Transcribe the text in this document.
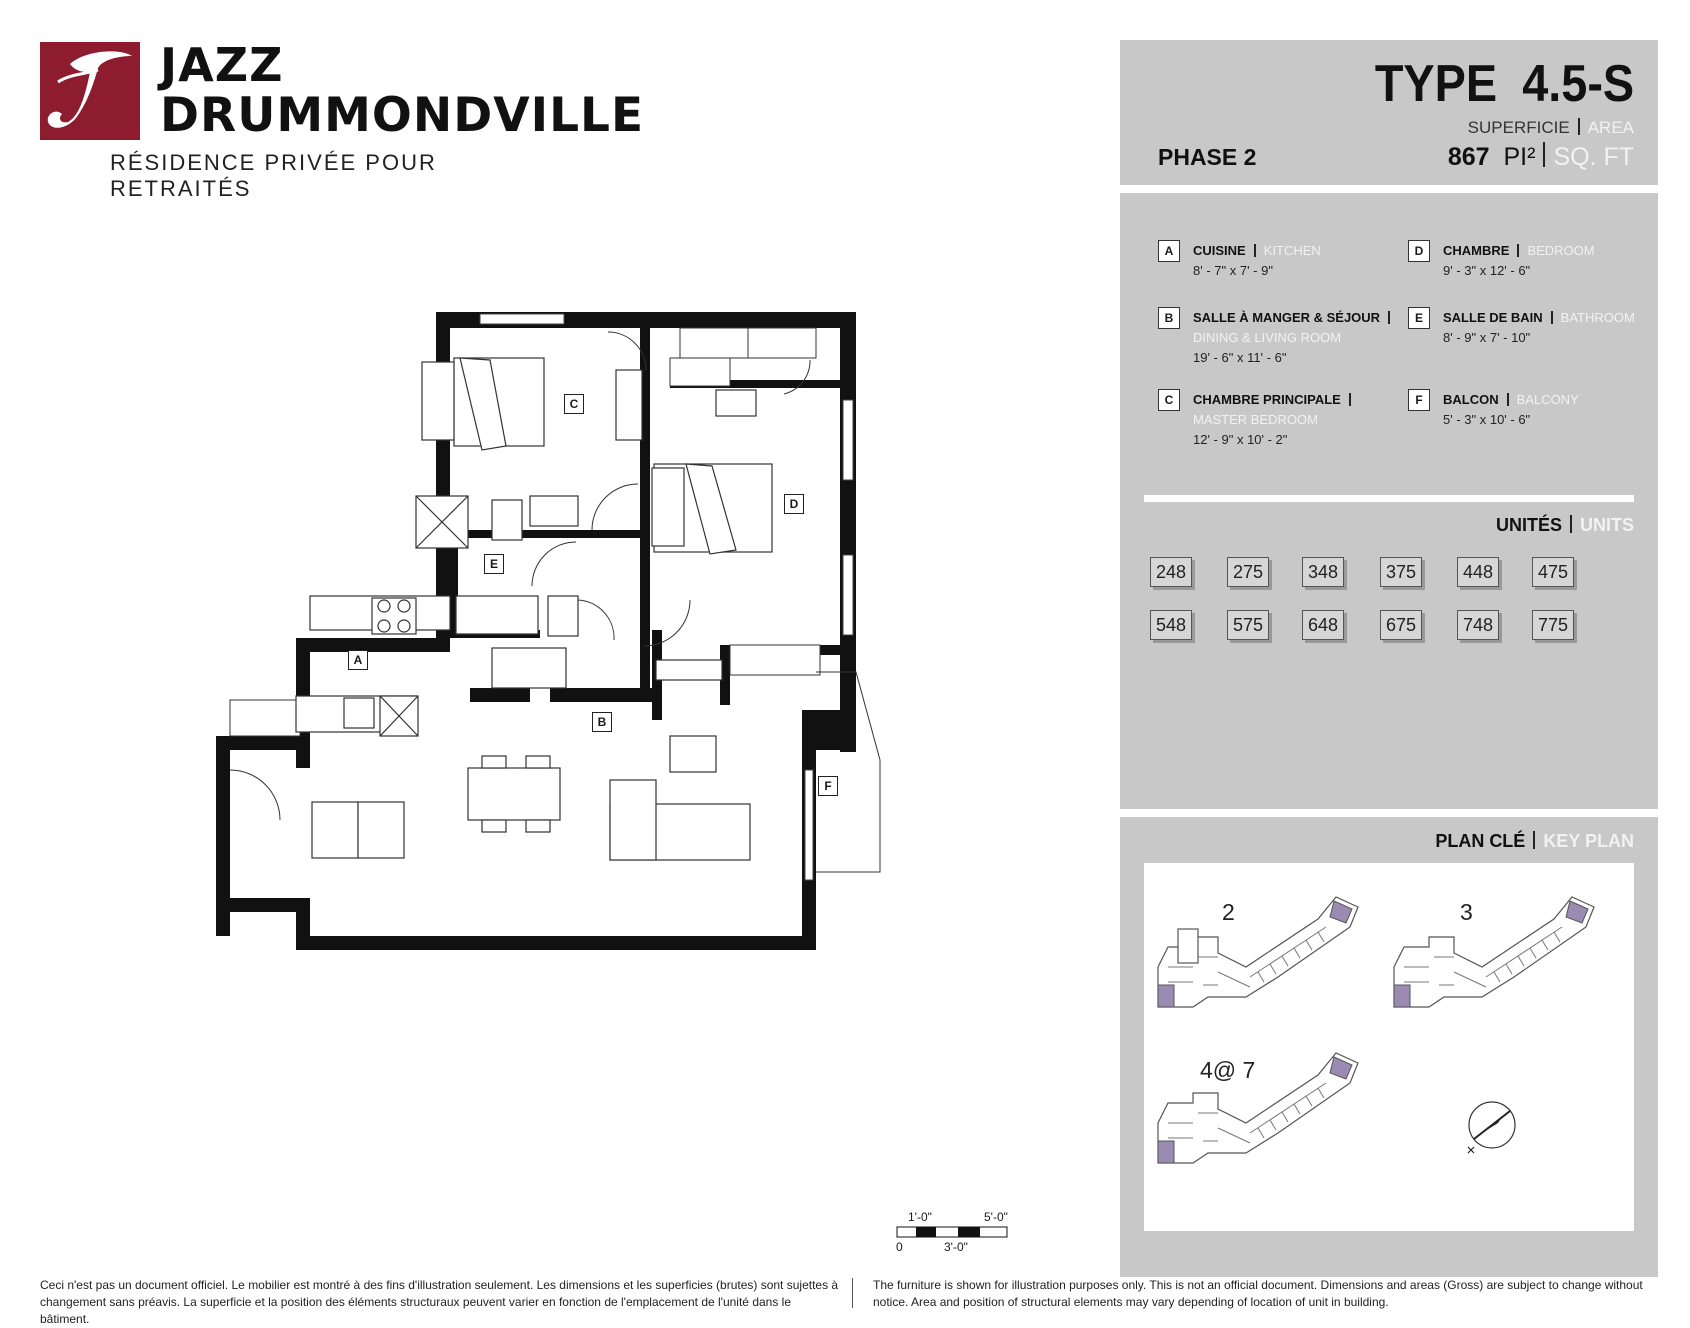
JAZZ
DRUMMONDVILLE
RÉSIDENCE PRIVÉE POUR RETRAITÉS
TYPE 4.5-S
SUPERFICIE AREA
PHASE 2	867 PI² SQ. FT
A	CUISINE KITCHEN
8' - 7" x 7' - 9"
B	SALLE À MANGER & SÉJOUR
DINING & LIVING ROOM
19' - 6" x 11' - 6"
C	CHAMBRE PRINCIPALE
MASTER BEDROOM
12' - 9" x 10' - 2"
D	CHAMBRE BEDROOM
9' - 3" x 12' - 6"
E	SALLE DE BAIN BATHROOM
8' - 9" x 7' - 10"
F	BALCON BALCONY
5' - 3" x 10' - 6"
UNITÉS UNITS
248	275	348	375	448	475
548	575	648	675	748	775
PLAN CLÉ KEY PLAN
2	3
4@ 7
C
D
E
A
B
F
1'-0"	5'-0"
0	3'-0"
Ceci n'est pas un document officiel. Le mobilier est montré à des fins d'illustration seulement. Les dimensions et les superficies (brutes) sont sujettes à changement sans préavis. La superficie et la position des éléments structuraux peuvent varier en fonction de l'emplacement de l'unité dans le bâtiment.
The furniture is shown for illustration purposes only. This is not an official document. Dimensions and areas (Gross) are subject to change without notice. Area and position of structural elements may vary depending of location of unit in building.
